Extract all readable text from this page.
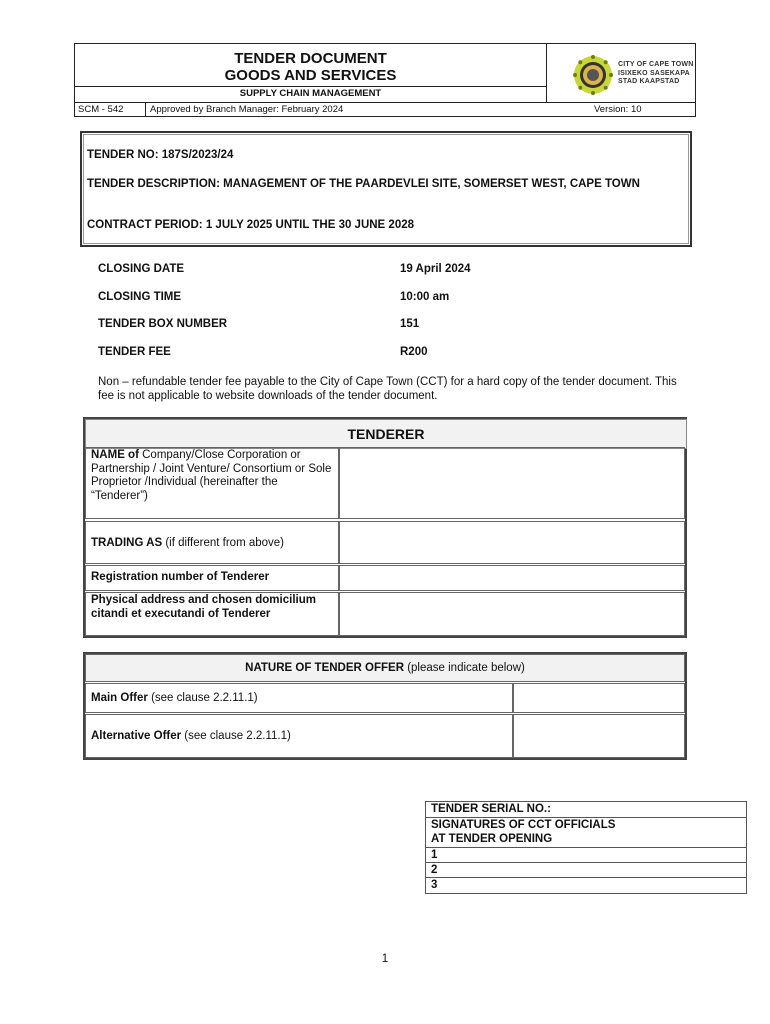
TENDER DOCUMENT
GOODS AND SERVICES
SUPPLY CHAIN MANAGEMENT
SCM - 542	Approved by Branch Manager: February 2024	Version: 10
CITY OF CAPE TOWN
ISIXEKO SASEKAPA
STAD KAAPSTAD
TENDER NO: 187S/2023/24
TENDER DESCRIPTION: MANAGEMENT OF THE PAARDEVLEI SITE, SOMERSET WEST, CAPE TOWN
CONTRACT PERIOD: 1 JULY 2025 UNTIL THE 30 JUNE 2028
CLOSING DATE	19 April 2024
CLOSING TIME	10:00 am
TENDER BOX NUMBER	151
TENDER FEE	R200
Non – refundable tender fee payable to the City of Cape Town (CCT) for a hard copy of the tender document. This fee is not applicable to website downloads of the tender document.
TENDERER
NAME of Company/Close Corporation or Partnership / Joint Venture/ Consortium or Sole Proprietor /Individual (hereinafter the “Tenderer”)
TRADING AS (if different from above)
Registration number of Tenderer
Physical address and chosen domicilium citandi et executandi of Tenderer
NATURE OF TENDER OFFER (please indicate below)
Main Offer (see clause 2.2.11.1)
Alternative Offer (see clause 2.2.11.1)
TENDER SERIAL NO.:
SIGNATURES OF CCT OFFICIALS
AT TENDER OPENING
1
2
3
1
